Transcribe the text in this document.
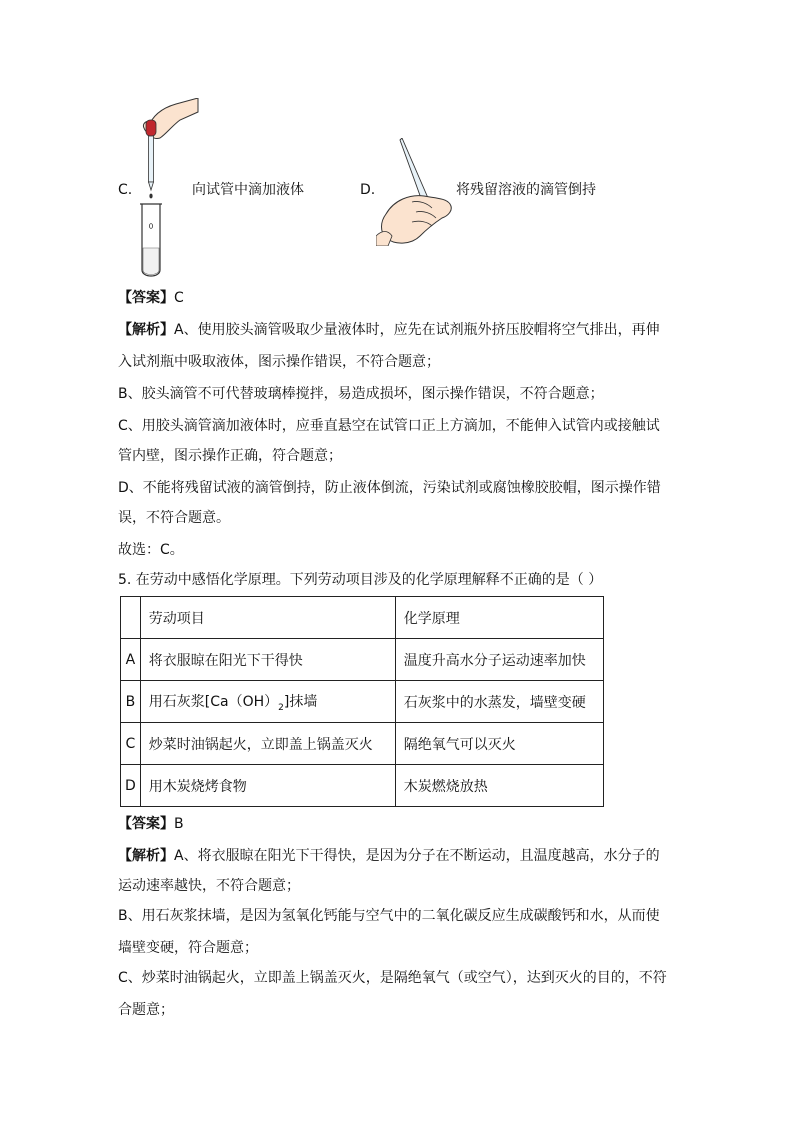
C.	向试管中滴加液体	D.	将残留溶液的滴管倒持
【答案】C
【解析】A、使用胶头滴管吸取少量液体时，应先在试剂瓶外挤压胶帽将空气排出，再伸
入试剂瓶中吸取液体，图示操作错误，不符合题意；
B、胶头滴管不可代替玻璃棒搅拌，易造成损坏，图示操作错误，不符合题意；
C、用胶头滴管滴加液体时，应垂直悬空在试管口正上方滴加，不能伸入试管内或接触试
管内壁，图示操作正确，符合题意；
D、不能将残留试液的滴管倒持，防止液体倒流，污染试剂或腐蚀橡胶胶帽，图示操作错
误，不符合题意。
故选：C。
5. 在劳动中感悟化学原理。下列劳动项目涉及的化学原理解释不正确的是（ ）
	劳动项目	化学原理
A	将衣服晾在阳光下干得快	温度升高水分子运动速率加快
B	用石灰浆$[Ca(OH)_2]$抹墙	石灰浆中的水蒸发，墙壁变硬
C	炒菜时油锅起火，立即盖上锅盖灭火	隔绝氧气可以灭火
D	用木炭烧烤食物	木炭燃烧放热
【答案】B
【解析】A、将衣服晾在阳光下干得快，是因为分子在不断运动，且温度越高，水分子的
运动速率越快，不符合题意；
B、用石灰浆抹墙，是因为氢氧化钙能与空气中的二氧化碳反应生成碳酸钙和水，从而使
墙壁变硬，符合题意；
C、炒菜时油锅起火，立即盖上锅盖灭火，是隔绝氧气（或空气），达到灭火的目的，不符
合题意；
